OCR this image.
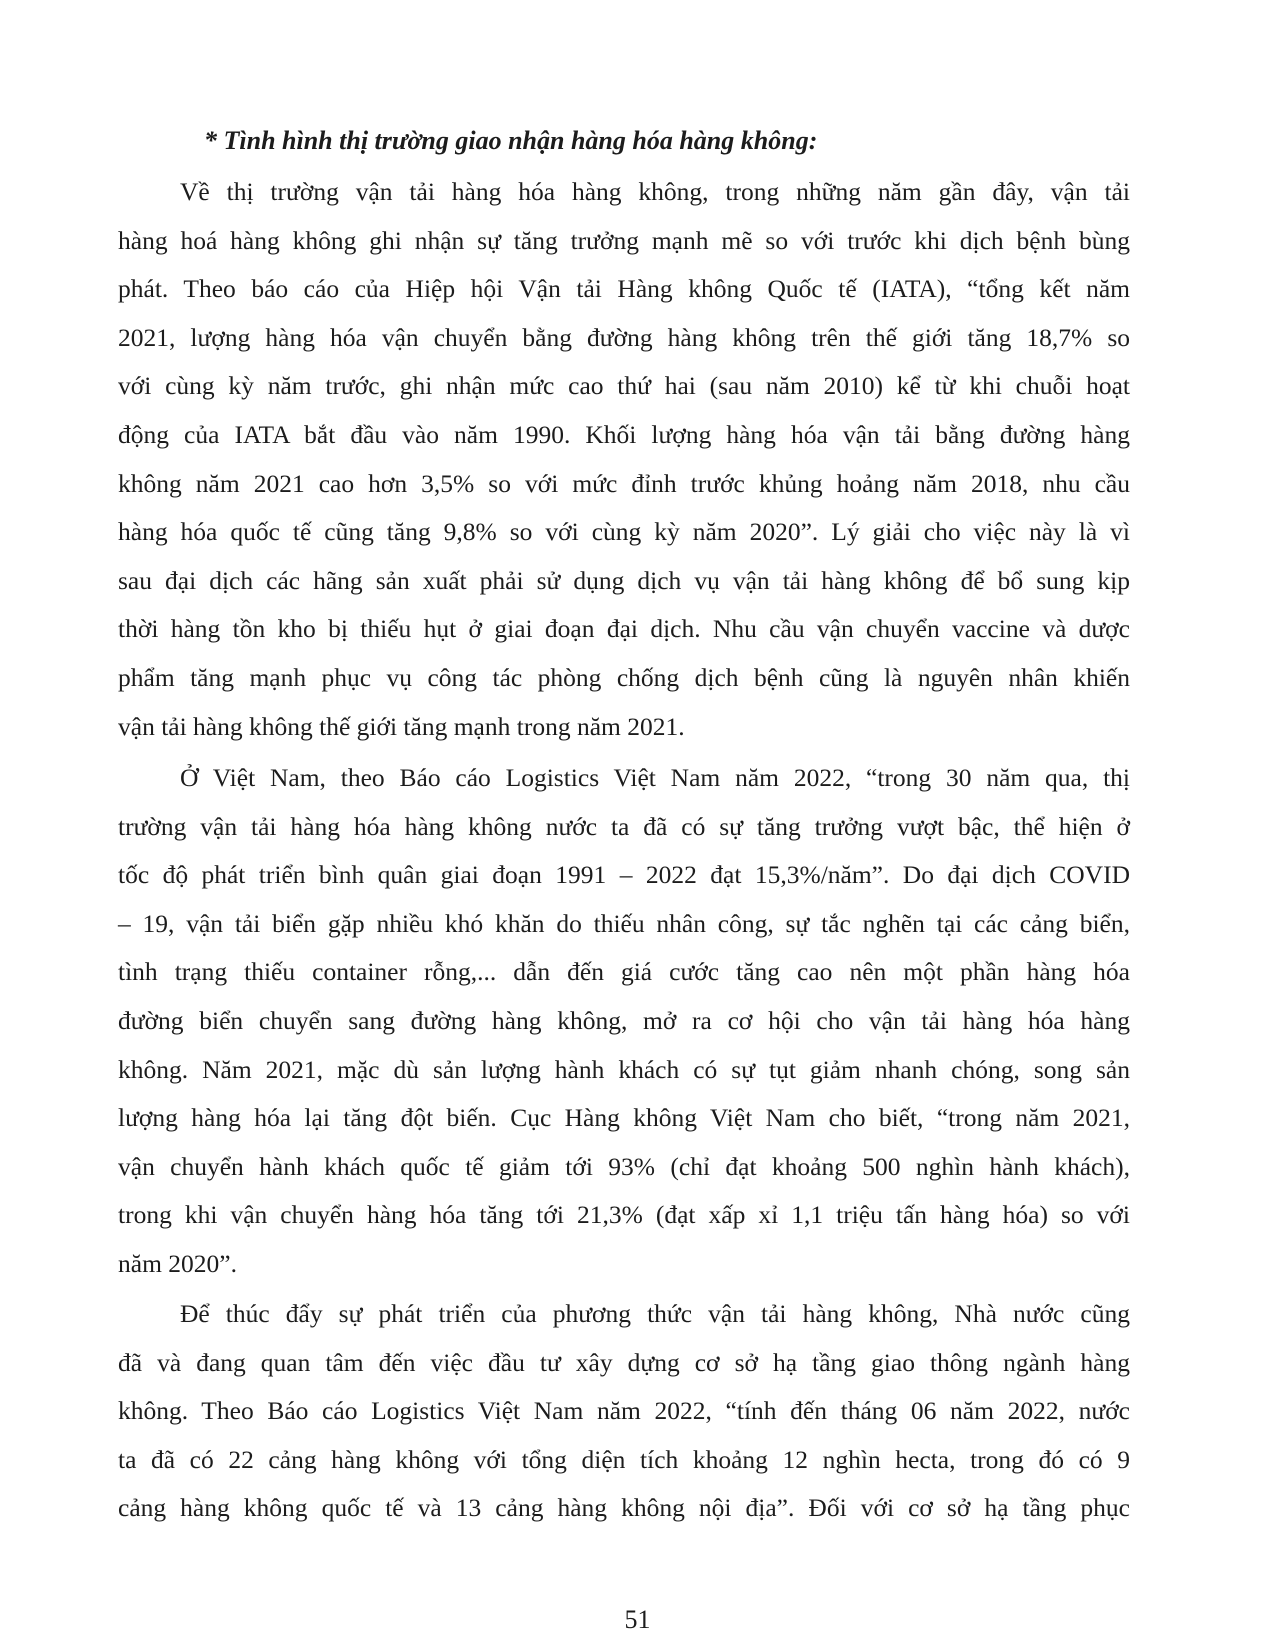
* Tình hình thị trường giao nhận hàng hóa hàng không:
Về thị trường vận tải hàng hóa hàng không, trong những năm gần đây, vận tải
hàng hoá hàng không ghi nhận sự tăng trưởng mạnh mẽ so với trước khi dịch bệnh bùng
phát. Theo báo cáo của Hiệp hội Vận tải Hàng không Quốc tế (IATA), “tổng kết năm
2021, lượng hàng hóa vận chuyển bằng đường hàng không trên thế giới tăng 18,7% so
với cùng kỳ năm trước, ghi nhận mức cao thứ hai (sau năm 2010) kể từ khi chuỗi hoạt
động của IATA bắt đầu vào năm 1990. Khối lượng hàng hóa vận tải bằng đường hàng
không năm 2021 cao hơn 3,5% so với mức đỉnh trước khủng hoảng năm 2018, nhu cầu
hàng hóa quốc tế cũng tăng 9,8% so với cùng kỳ năm 2020”. Lý giải cho việc này là vì
sau đại dịch các hãng sản xuất phải sử dụng dịch vụ vận tải hàng không để bổ sung kịp
thời hàng tồn kho bị thiếu hụt ở giai đoạn đại dịch. Nhu cầu vận chuyển vaccine và dược
phẩm tăng mạnh phục vụ công tác phòng chống dịch bệnh cũng là nguyên nhân khiến
vận tải hàng không thế giới tăng mạnh trong năm 2021.
Ở Việt Nam, theo Báo cáo Logistics Việt Nam năm 2022, “trong 30 năm qua, thị
trường vận tải hàng hóa hàng không nước ta đã có sự tăng trưởng vượt bậc, thể hiện ở
tốc độ phát triển bình quân giai đoạn 1991 – 2022 đạt 15,3%/năm”. Do đại dịch COVID
– 19, vận tải biển gặp nhiều khó khăn do thiếu nhân công, sự tắc nghẽn tại các cảng biển,
tình trạng thiếu container rỗng,... dẫn đến giá cước tăng cao nên một phần hàng hóa
đường biển chuyển sang đường hàng không, mở ra cơ hội cho vận tải hàng hóa hàng
không. Năm 2021, mặc dù sản lượng hành khách có sự tụt giảm nhanh chóng, song sản
lượng hàng hóa lại tăng đột biến. Cục Hàng không Việt Nam cho biết, “trong năm 2021,
vận chuyển hành khách quốc tế giảm tới 93% (chỉ đạt khoảng 500 nghìn hành khách),
trong khi vận chuyển hàng hóa tăng tới 21,3% (đạt xấp xỉ 1,1 triệu tấn hàng hóa) so với
năm 2020”.
Để thúc đẩy sự phát triển của phương thức vận tải hàng không, Nhà nước cũng
đã và đang quan tâm đến việc đầu tư xây dựng cơ sở hạ tầng giao thông ngành hàng
không. Theo Báo cáo Logistics Việt Nam năm 2022, “tính đến tháng 06 năm 2022, nước
ta đã có 22 cảng hàng không với tổng diện tích khoảng 12 nghìn hecta, trong đó có 9
cảng hàng không quốc tế và 13 cảng hàng không nội địa”. Đối với cơ sở hạ tầng phục
51
